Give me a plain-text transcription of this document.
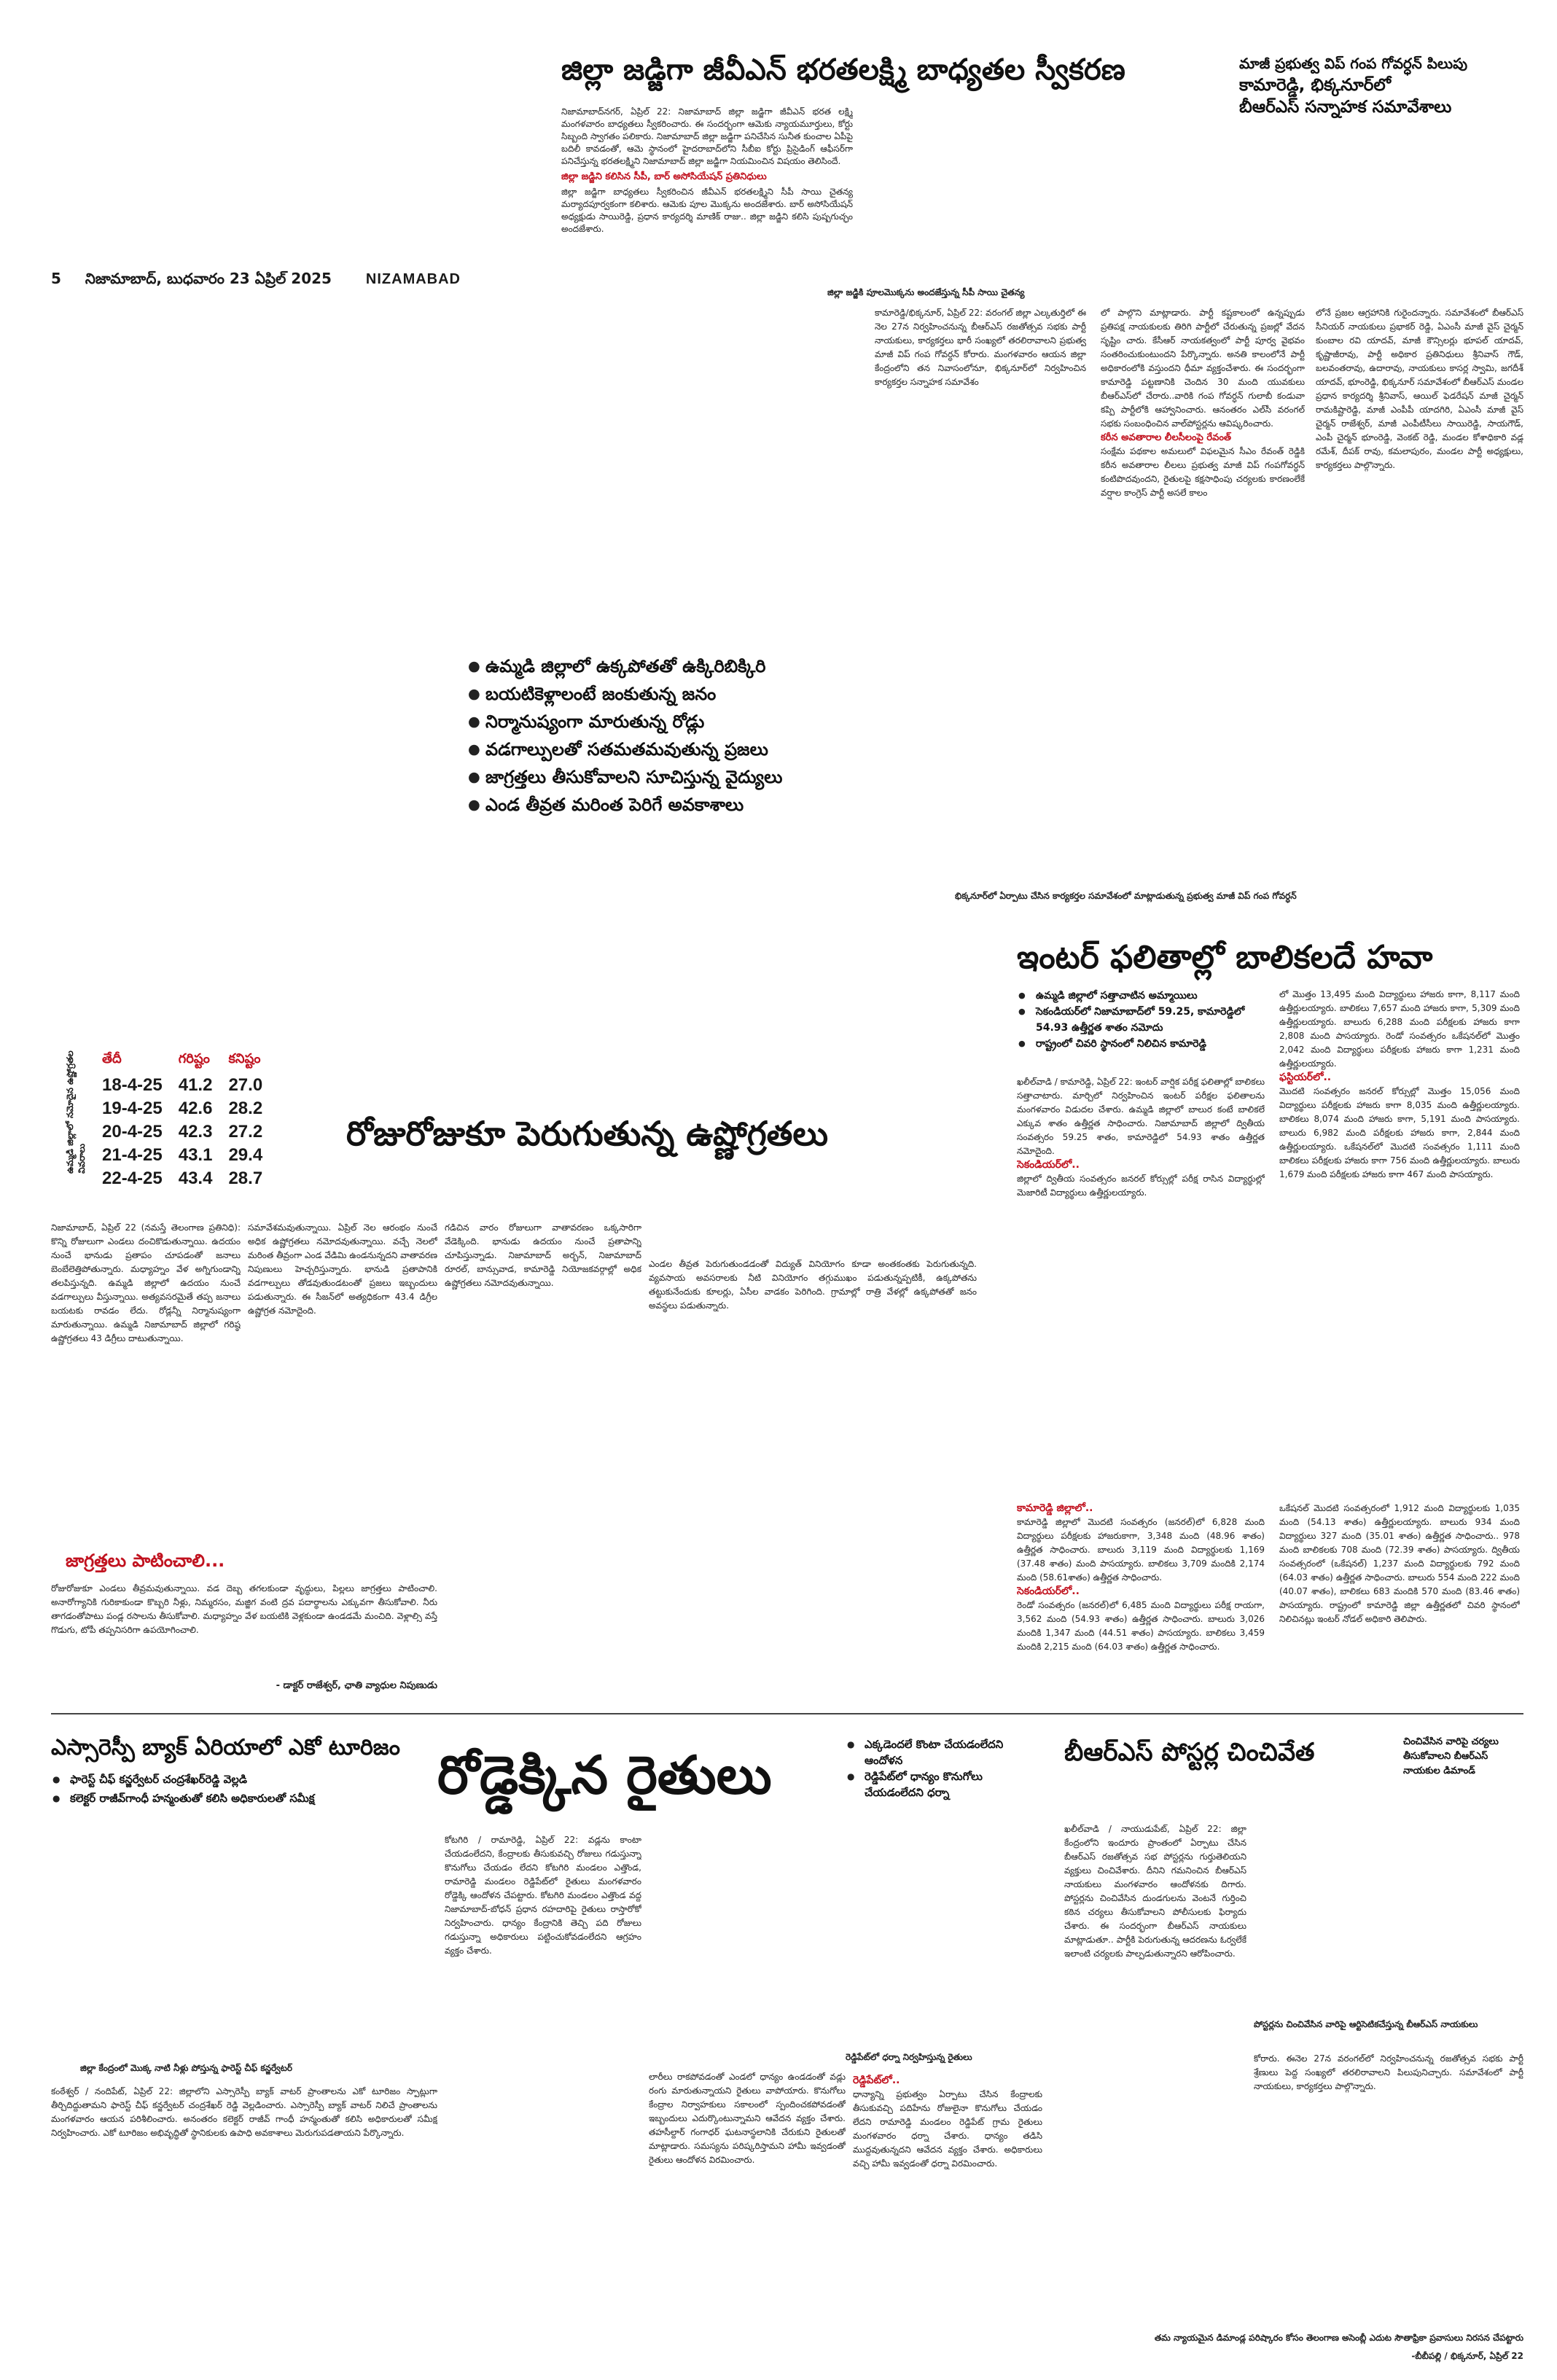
5 నిజామాబాద్, బుధవారం 23 ఏప్రిల్ 2025 NIZAMABAD
జిల్లా జడ్జిగా జీవీఎన్ భరతలక్ష్మి బాధ్యతల స్వీకరణ
నిజామాబాద్‌నగర్, ఏప్రిల్ 22: నిజామాబాద్ జిల్లా జడ్జిగా జీవీఎన్ భరత లక్ష్మి మంగళవారం బాధ్యతలు స్వీకరించారు. ఈ సందర్భంగా ఆమెకు న్యాయమూర్తులు, కోర్టు సిబ్బంది స్వాగతం పలికారు. నిజామాబాద్ జిల్లా జడ్జిగా పనిచేసిన సునీత కుంచాల ఏపీపై బదిలీ కావడంతో, ఆమె స్థానంలో హైదరాబాద్‌లోని సీబీఐ కోర్టు ప్రిసైడింగ్ ఆఫీసర్‌గా పనిచేస్తున్న భరతలక్ష్మిని నిజామాబాద్ జిల్లా జడ్జిగా నియమించిన విషయం తెలిసిందే.
జిల్లా జడ్జిని కలిసిన సీపీ, బార్ అసోసియేషన్ ప్రతినిధులు
జిల్లా జడ్జిగా బాధ్యతలు స్వీకరించిన జీవీఎన్ భరతలక్ష్మిని సీపీ సాయి చైతన్య మర్యాదపూర్వకంగా కలిశారు. ఆమెకు పూల మొక్కను అందజేశారు. బార్ అసోసియేషన్ అధ్యక్షుడు సాయిరెడ్డి, ప్రధాన కార్యదర్శి మాణిక్ రాజు.. జిల్లా జడ్జిని కలిసి పుష్పగుచ్ఛం అందజేశారు.
జిల్లా జడ్జికి పూలమొక్కను అందజేస్తున్న సీపీ సాయి చైతన్య
మాజీ ప్రభుత్వ విప్ గంప గోవర్ధన్ పిలుపు
కామారెడ్డి, భిక్కనూర్‌లో
బీఆర్ఎస్ సన్నాహక సమావేశాలు
కామారెడ్డి/భిక్కనూర్, ఏప్రిల్ 22: వరంగల్ జిల్లా ఎల్కతుర్తిలో ఈ నెల 27న నిర్వహించనున్న బీఆర్ఎస్ రజతోత్సవ సభకు పార్టీ నాయకులు, కార్యకర్తలు భారీ సంఖ్యలో తరలిరావాలని ప్రభుత్వ మాజీ విప్ గంప గోవర్ధన్ కోరారు. మంగళవారం ఆయన జిల్లా కేంద్రంలోని తన నివాసంలోనూ, భిక్కనూర్‌లో నిర్వహించిన కార్యకర్తల సన్నాహక సమావేశం
లో పాల్గొని మాట్లాడారు. పార్టీ కష్టకాలంలో ఉన్నప్పుడు ప్రతిపక్ష నాయకులకు తిరిగి పార్టీలో చేరుతున్న ప్రజల్లో వేదన సృష్టిం చారు. కేసీఆర్ నాయకత్వంలో పార్టీ పూర్వ వైభవం సంతరించుకుంటుందని పేర్కొన్నారు. అనతి కాలంలోనే పార్టీ అధికారంలోకి వస్తుందని ధీమా వ్యక్తంచేశారు. ఈ సందర్భంగా కామారెడ్డి పట్టణానికి చెందిన 30 మంది యువకులు బీఆర్ఎస్‌లో చేరారు..వారికి గంప గోవర్ధన్ గులాబీ కండువా కప్పి పార్టీలోకి ఆహ్వానించారు. ఆనంతరం ఎల్‌సీ వరంగల్ సభకు సంబంధించిన వాల్‌పోస్టర్లను ఆవిష్కరించారు.
కరీన అవతారాల లీలసీలంపై రేవంత్
సంక్షేమ పథకాల అమలులో విఫలమైన సీఎం రేవంత్ రెడ్డికి కరీన అవతారాల లీలలు ప్రభుత్వ మాజీ విప్ గంపగోవర్ధన్ కంటిపొదవుందని, రైతులపై కక్షసాధింపు చర్యలకు కారణంలేకే వర్షాల కాంగ్రెస్ పార్టీ అసలే కాలం
లోనే ప్రజల ఆగ్రహానికి గురైందన్నారు. సమావేశంలో బీఆర్ఎస్ సీనియర్ నాయకులు ప్రభాకర్ రెడ్డి, ఏఎంసీ మాజీ వైస్ చైర్మన్ కుంబాల రవి యాదవ్, మాజీ కౌన్సిలర్లు భూపల్ యాదవ్, కృష్ణాజీరావు, పార్టీ అధికార ప్రతినిధులు శ్రీనివాస్ గౌడ్, బలవంతరావు, ఉదారావు, నాయకులు కాసర్ల స్వామి, జగదీశ్ యాదవ్, భూంరెడ్డి, భిక్కనూర్ సమావేశంలో బీఆర్ఎస్ మండల ప్రధాన కార్యదర్శి శ్రీనివాస్, ఆయిల్ ఫెడరేషన్ మాజీ చైర్మన్ రామకిష్టారెడ్డి, మాజీ ఎంపీపీ యాదగిరి, ఏఎంసీ మాజీ వైస్ చైర్మన్ రాజేశ్వర్, మాజీ ఎంపీటీసీలు సాయిరెడ్డి, సాయగౌడ్, ఎంపీ చైర్మన్ భూంరెడ్డి, వెంకట్ రెడ్డి, మండల కోశాధికారి వడ్ల రమేశ్, దీపక్ రావు, కమలాపురం, మండల పార్టీ అధ్యక్షులు, కార్యకర్తలు పాల్గొన్నారు.
● ఉమ్మడి జిల్లాలో ఉక్కపోతతో ఉక్కిరిబిక్కిరి
● బయటికెళ్లాలంటే జంకుతున్న జనం
● నిర్మానుష్యంగా మారుతున్న రోడ్లు
● వడగాల్పులతో సతమతమవుతున్న ప్రజలు
● జాగ్రత్తలు తీసుకోవాలని సూచిస్తున్న వైద్యులు
● ఎండ తీవ్రత మరింత పెరిగే అవకాశాలు
భిక్కనూర్‌లో ఏర్పాటు చేసిన కార్యకర్తల సమావేశంలో మాట్లాడుతున్న ప్రభుత్వ మాజీ విప్ గంప గోవర్ధన్
ఉమ్మడి జిల్లాలో నమోదైన ఉష్ణోగ్రతల వివరాలు
తేదీ	గరిష్టం	కనిష్టం
18-4-25	41.2	27.0
19-4-25	42.6	28.2
20-4-25	42.3	27.2
21-4-25	43.1	29.4
22-4-25	43.4	28.7
రోజురోజుకూ పెరుగుతున్న ఉష్ణోగ్రతలు
నిజామాబాద్, ఏప్రిల్ 22 (నమస్తే తెలంగాణ ప్రతినిధి): కొన్ని రోజులుగా ఎండలు దంచికొడుతున్నాయి. ఉదయం నుంచే భానుడు ప్రతాపం చూపడంతో జనాలు బెంబేలెత్తిపోతున్నారు. మధ్యాహ్నం వేళ అగ్నిగుండాన్ని తలపిస్తున్నది. ఉమ్మడి జిల్లాలో ఉదయం నుంచే వడగాల్పులు వీస్తున్నాయి. అత్యవసరమైతే తప్ప జనాలు బయటకు రావడం లేదు. రోడ్లన్నీ నిర్మానుష్యంగా మారుతున్నాయి. ఉమ్మడి నిజామాబాద్ జిల్లాలో గరిష్ఠ ఉష్ణోగ్రతలు 43 డిగ్రీలు దాటుతున్నాయి.
సమావేశమవుతున్నాయి. ఏప్రిల్ నెల ఆరంభం నుంచే అధిక ఉష్ణోగ్రతలు నమోదవుతున్నాయి. వచ్చే నెలలో మరింత తీవ్రంగా ఎండ వేడిమి ఉండనున్నదని వాతావరణ నిపుణులు హెచ్చరిస్తున్నారు. భానుడి ప్రతాపానికి వడగాల్పులు తోడవుతుండటంతో ప్రజలు ఇబ్బందులు పడుతున్నారు. ఈ సీజన్‌లో అత్యధికంగా 43.4 డిగ్రీల ఉష్ణోగ్రత నమోదైంది.
గడిచిన వారం రోజులుగా వాతావరణం ఒక్కసారిగా వేడెక్కింది. భానుడు ఉదయం నుంచే ప్రతాపాన్ని చూపిస్తున్నాడు. నిజామాబాద్ అర్బన్, నిజామాబాద్ రూరల్, బాన్సువాడ, కామారెడ్డి నియోజకవర్గాల్లో అధిక ఉష్ణోగ్రతలు నమోదవుతున్నాయి.
ఎండల తీవ్రత పెరుగుతుండడంతో విద్యుత్ వినియోగం కూడా అంతకంతకు పెరుగుతున్నది. వ్యవసాయ అవసరాలకు నీటి వినియోగం తగ్గుముఖం పడుతున్నప్పటికీ, ఉక్కపోతను తట్టుకునేందుకు కూలర్లు, ఏసీల వాడకం పెరిగింది. గ్రామాల్లో రాత్రి వేళల్లో ఉక్కపోతతో జనం అవస్థలు పడుతున్నారు.
జాగ్రత్తలు పాటించాలి...
రోజురోజుకూ ఎండలు తీవ్రమవుతున్నాయి. వడ దెబ్బ తగలకుండా వృద్ధులు, పిల్లలు జాగ్రత్తలు పాటించాలి. అనారోగ్యానికి గురికాకుండా కొబ్బరి నీళ్లు, నిమ్మరసం, మజ్జిగ వంటి ద్రవ పదార్థాలను ఎక్కువగా తీసుకోవాలి. నీరు తాగడంతోపాటు పండ్ల రసాలను తీసుకోవాలి. మధ్యాహ్నం వేళ బయటికి వెళ్లకుండా ఉండడమే మంచిది. వెళ్లాల్సి వస్తే గొడుగు, టోపీ తప్పనిసరిగా ఉపయోగించాలి.
- డాక్టర్ రాజేశ్వర్, ఛాతి వ్యాధుల నిపుణుడు
ఇంటర్ ఫలితాల్లో బాలికలదే హవా
● ఉమ్మడి జిల్లాలో సత్తాచాటిన అమ్మాయిలు
● సెకండియర్‌లో నిజామాబాద్‌లో 59.25, కామారెడ్డిలో 54.93 ఉత్తీర్ణత శాతం నమోదు
● రాష్ట్రంలో చివరి స్థానంలో నిలిచిన కామారెడ్డి
ఖలీల్‌వాడి / కామారెడ్డి, ఏప్రిల్ 22: ఇంటర్ వార్షిక పరీక్ష ఫలితాల్లో బాలికలు సత్తాచాటారు. మార్చిలో నిర్వహించిన ఇంటర్ పరీక్షల ఫలితాలను మంగళవారం విడుదల చేశారు. ఉమ్మడి జిల్లాలో బాలుర కంటే బాలికలే ఎక్కువ శాతం ఉత్తీర్ణత సాధించారు. నిజామాబాద్ జిల్లాలో ద్వితీయ సంవత్సరం 59.25 శాతం, కామారెడ్డిలో 54.93 శాతం ఉత్తీర్ణత నమోదైంది.
సెకండియర్‌లో..
జిల్లాలో ద్వితీయ సంవత్సరం జనరల్ కోర్సుల్లో పరీక్ష రాసిన విద్యార్థుల్లో మెజారిటీ విద్యార్థులు ఉత్తీర్ణులయ్యారు.
లో మొత్తం 13,495 మంది విద్యార్థులు హాజరు కాగా, 8,117 మంది ఉత్తీర్ణులయ్యారు. బాలికలు 7,657 మంది హాజరు కాగా, 5,309 మంది ఉత్తీర్ణులయ్యారు. బాలురు 6,288 మంది పరీక్షలకు హాజరు కాగా 2,808 మంది పాసయ్యారు. రెండో సంవత్సరం ఒకేషనల్‌లో మొత్తం 2,042 మంది విద్యార్థులు పరీక్షలకు హాజరు కాగా 1,231 మంది ఉత్తీర్ణులయ్యారు.
ఫస్టియర్‌లో..
మొదటి సంవత్సరం జనరల్ కోర్సుల్లో మొత్తం 15,056 మంది విద్యార్థులు పరీక్షలకు హాజరు కాగా 8,035 మంది ఉత్తీర్ణులయ్యారు. బాలికలు 8,074 మంది హాజరు కాగా, 5,191 మంది పాసయ్యారు. బాలురు 6,982 మంది పరీక్షలకు హాజరు కాగా, 2,844 మంది ఉత్తీర్ణులయ్యారు. ఒకేషనల్‌లో మొదటి సంవత్సరం 1,111 మంది బాలికలు పరీక్షలకు హాజరు కాగా 756 మంది ఉత్తీర్ణులయ్యారు. బాలురు 1,679 మంది పరీక్షలకు హాజరు కాగా 467 మంది పాసయ్యారు.
కామారెడ్డి జిల్లాలో..
కామారెడ్డి జిల్లాలో మొదటి సంవత్సరం (జనరల్)లో 6,828 మంది విద్యార్థులు పరీక్షలకు హాజరుకాగా, 3,348 మంది (48.96 శాతం) ఉత్తీర్ణత సాధించారు. బాలురు 3,119 మంది విద్యార్థులకు 1,169 (37.48 శాతం) మంది పాసయ్యారు. బాలికలు 3,709 మందికి 2,174 మంది (58.61శాతం) ఉత్తీర్ణత సాధించారు.
సెకండియర్‌లో..
రెండో సంవత్సరం (జనరల్)లో 6,485 మంది విద్యార్థులు పరీక్ష రాయగా, 3,562 మంది (54.93 శాతం) ఉత్తీర్ణత సాధించారు. బాలురు 3,026 మందికి 1,347 మంది (44.51 శాతం) పాసయ్యారు. బాలికలు 3,459 మందికి 2,215 మంది (64.03 శాతం) ఉత్తీర్ణత సాధించారు.
ఒకేషనల్ మొదటి సంవత్సరంలో 1,912 మంది విద్యార్థులకు 1,035 మంది (54.13 శాతం) ఉత్తీర్ణులయ్యారు. బాలురు 934 మంది విద్యార్థులు 327 మంది (35.01 శాతం) ఉత్తీర్ణత సాధించారు.. 978 మంది బాలికలకు 708 మంది (72.39 శాతం) పాసయ్యారు. ద్వితీయ సంవత్సరంలో (ఒకేషనల్) 1,237 మంది విద్యార్థులకు 792 మంది (64.03 శాతం) ఉత్తీర్ణత సాధించారు. బాలురు 554 మంది 222 మంది (40.07 శాతం), బాలికలు 683 మందికి 570 మంది (83.46 శాతం) పాసయ్యారు. రాష్ట్రంలో కామారెడ్డి జిల్లా ఉత్తీర్ణతలో చివరి స్థానంలో నిలిచినట్లు ఇంటర్ నోడల్ అధికారి తెలిపారు.
ఎస్సారెస్పీ బ్యాక్ ఏరియాలో ఎకో టూరిజం
● ఫారెస్ట్ చీఫ్ కన్జర్వేటర్ చంద్రశేఖర్‌రెడ్డి వెల్లడి
● కలెక్టర్ రాజీవ్‌గాంధీ హన్మంతుతో కలిసి అధికారులతో సమీక్ష
జిల్లా కేంద్రంలో మొక్క నాటి నీళ్లు పోస్తున్న ఫారెస్ట్ చీఫ్ కన్జర్వేటర్
కంఠేశ్వర్ / నందిపేట్, ఏప్రిల్ 22: జిల్లాలోని ఎస్సారెస్పీ బ్యాక్ వాటర్ ప్రాంతాలను ఎకో టూరిజం స్పాట్లుగా తీర్చిదిద్దుతామని ఫారెస్ట్ చీఫ్ కన్జర్వేటర్ చంద్రశేఖర్ రెడ్డి వెల్లడించారు. ఎస్సారెస్పీ బ్యాక్ వాటర్ నిలిచే ప్రాంతాలను మంగళవారం ఆయన పరిశీలించారు. అనంతరం కలెక్టర్ రాజీవ్ గాంధీ హన్మంతుతో కలిసి అధికారులతో సమీక్ష నిర్వహించారు. ఎకో టూరిజం అభివృద్ధితో స్థానికులకు ఉపాధి అవకాశాలు మెరుగుపడతాయని పేర్కొన్నారు.
రోడ్డెక్కిన రైతులు	● ఎక్కడెందలే కొంటా చేయడంలేదని ఆందోళన
● రెడ్డిపేట్‌లో ధాన్యం కొనుగోలు చేయడంలేదని ధర్నా
కోటగిరి / రామారెడ్డి, ఏప్రిల్ 22: వడ్లను కాంటా చేయడంలేదని, కేంద్రాలకు తీసుకువచ్చి రోజులు గడుస్తున్నా కొనుగోలు చేయడం లేదని కోటగిరి మండలం ఎత్తొండ, రామారెడ్డి మండలం రెడ్డిపేట్‌లో రైతులు మంగళవారం రోడ్డెక్కి ఆందోళన చేపట్టారు. కోటగిరి మండలం ఎత్తొండ వద్ద నిజామాబాద్-బోధన్ ప్రధాన రహదారిపై రైతులు రాస్తారోకో నిర్వహించారు. ధాన్యం కేంద్రానికి తెచ్చి పది రోజులు గడుస్తున్నా అధికారులు పట్టించుకోవడంలేదని ఆగ్రహం వ్యక్తం చేశారు.
రెడ్డిపేట్‌లో ధర్నా నిర్వహిస్తున్న రైతులు
లారీలు రాకపోవడంతో ఎండలో ధాన్యం ఉండడంతో వడ్లు రంగు మారుతున్నాయని రైతులు వాపోయారు. కొనుగోలు కేంద్రాల నిర్వాహకులు సకాలంలో స్పందించకపోవడంతో ఇబ్బందులు ఎదుర్కొంటున్నామని ఆవేదన వ్యక్తం చేశారు. తహసీల్దార్ గంగాధర్ ఘటనాస్థలానికి చేరుకుని రైతులతో మాట్లాడారు. సమస్యను పరిష్కరిస్తామని హామీ ఇవ్వడంతో రైతులు ఆందోళన విరమించారు.
రెడ్డిపేట్‌లో..
ధాన్యాన్ని ప్రభుత్వం ఏర్పాటు చేసిన కేంద్రాలకు తీసుకువచ్చి పదిహేను రోజులైనా కొనుగోలు చేయడం లేదని రామారెడ్డి మండలం రెడ్డిపేట్ గ్రామ రైతులు మంగళవారం ధర్నా చేశారు. ధాన్యం తడిసి ముద్దవుతున్నదని ఆవేదన వ్యక్తం చేశారు. అధికారులు వచ్చి హామీ ఇవ్వడంతో ధర్నా విరమించారు.
బీఆర్ఎస్ పోస్టర్ల చించివేత	చించివేసిన వారిపై చర్యలు తీసుకోవాలని బీఆర్ఎస్ నాయకుల డిమాండ్
ఖలీల్‌వాడి / నాయుడుపేట్, ఏప్రిల్ 22: జిల్లా కేంద్రంలోని ఇందూరు ప్రాంతంలో ఏర్పాటు చేసిన బీఆర్ఎస్ రజతోత్సవ సభ పోస్టర్లను గుర్తుతెలియని వ్యక్తులు చించివేశారు. దీనిని గమనించిన బీఆర్ఎస్ నాయకులు మంగళవారం ఆందోళనకు దిగారు. పోస్టర్లను చించివేసిన దుండగులను వెంటనే గుర్తించి కఠిన చర్యలు తీసుకోవాలని పోలీసులకు ఫిర్యాదు చేశారు. ఈ సందర్భంగా బీఆర్ఎస్ నాయకులు మాట్లాడుతూ.. పార్టీకి పెరుగుతున్న ఆదరణను ఓర్వలేకే ఇలాంటి చర్యలకు పాల్పడుతున్నారని ఆరోపించారు.
పోస్టర్లను చించివేసిన వారిపై ఆర్టిసెటికచేస్తున్న బీఆర్ఎస్ నాయకులు
కోరారు. ఈనెల 27న వరంగల్‌లో నిర్వహించనున్న రజతోత్సవ సభకు పార్టీ శ్రేణులు పెద్ద సంఖ్యలో తరలిరావాలని పిలుపునిచ్చారు. సమావేశంలో పార్టీ నాయకులు, కార్యకర్తలు పాల్గొన్నారు.
తమ న్యాయమైన డిమాండ్ల పరిష్కారం కోసం తెలంగాణ అసెంబ్లీ ఎదుట సౌతాఫ్రికా ప్రవాసులు నిరసన చేపట్టారు
-బీబీపల్లి / భిక్కనూర్, ఏప్రిల్ 22
